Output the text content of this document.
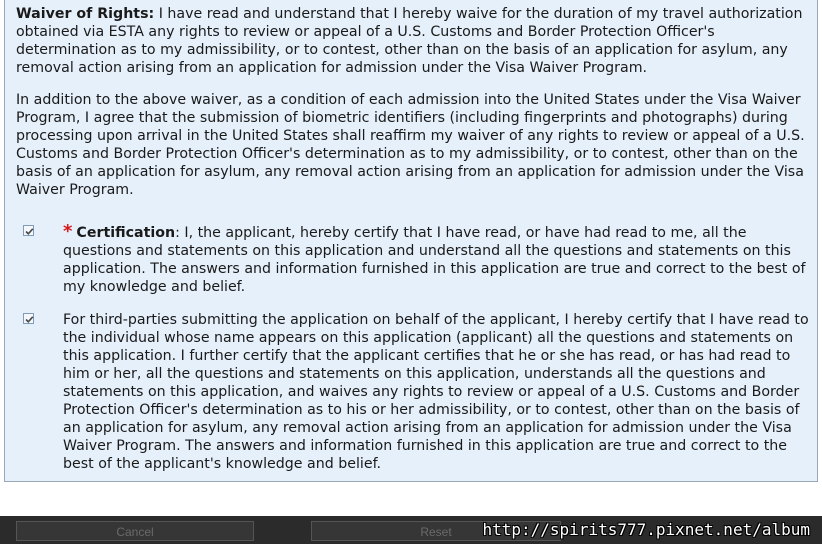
Waiver of Rights: I have read and understand that I hereby waive for the duration of my travel authorization obtained via ESTA any rights to review or appeal of a U.S. Customs and Border Protection Officer's determination as to my admissibility, or to contest, other than on the basis of an application for asylum, any removal action arising from an application for admission under the Visa Waiver Program.

In addition to the above waiver, as a condition of each admission into the United States under the Visa Waiver Program, I agree that the submission of biometric identifiers (including fingerprints and photographs) during processing upon arrival in the United States shall reaffirm my waiver of any rights to review or appeal of a U.S. Customs and Border Protection Officer's determination as to my admissibility, or to contest, other than on the basis of an application for asylum, any removal action arising from an application for admission under the Visa Waiver Program.

* Certification: I, the applicant, hereby certify that I have read, or have had read to me, all the questions and statements on this application and understand all the questions and statements on this application. The answers and information furnished in this application are true and correct to the best of my knowledge and belief.

For third-parties submitting the application on behalf of the applicant, I hereby certify that I have read to the individual whose name appears on this application (applicant) all the questions and statements on this application. I further certify that the applicant certifies that he or she has read, or has had read to him or her, all the questions and statements on this application, understands all the questions and statements on this application, and waives any rights to review or appeal of a U.S. Customs and Border Protection Officer's determination as to his or her admissibility, or to contest, other than on the basis of an application for asylum, any removal action arising from an application for admission under the Visa Waiver Program. The answers and information furnished in this application are true and correct to the best of the applicant's knowledge and belief.

Cancel	Reset	http://spirits777.pixnet.net/album
